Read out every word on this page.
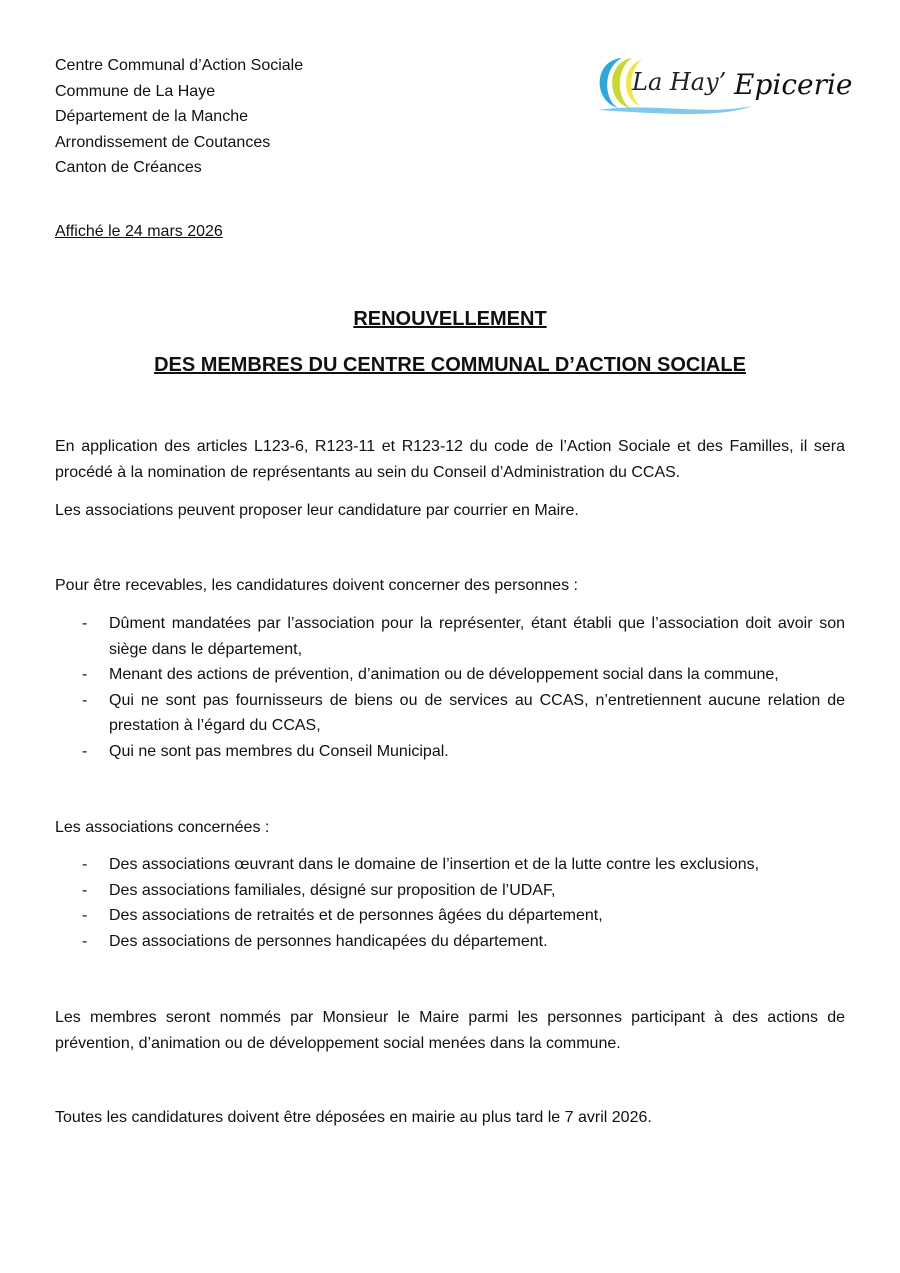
Centre Communal d’Action Sociale
Commune de La Haye
Département de la Manche
Arrondissement de Coutances
Canton de Créances
La Hay’ Epicerie
Affiché le 24 mars 2026
RENOUVELLEMENT
DES MEMBRES DU CENTRE COMMUNAL D’ACTION SOCIALE

En application des articles L123-6, R123-11 et R123-12 du code de l’Action Sociale et des Familles, il sera procédé à la nomination de représentants au sein du Conseil d’Administration du CCAS.

Les associations peuvent proposer leur candidature par courrier en Maire.

Pour être recevables, les candidatures doivent concerner des personnes :

- Dûment mandatées par l’association pour la représenter, étant établi que l’association doit avoir son siège dans le département,
- Menant des actions de prévention, d’animation ou de développement social dans la commune,
- Qui ne sont pas fournisseurs de biens ou de services au CCAS, n’entretiennent aucune relation de prestation à l’égard du CCAS,
- Qui ne sont pas membres du Conseil Municipal.

Les associations concernées :

- Des associations œuvrant dans le domaine de l’insertion et de la lutte contre les exclusions,
- Des associations familiales, désigné sur proposition de l’UDAF,
- Des associations de retraités et de personnes âgées du département,
- Des associations de personnes handicapées du département.

Les membres seront nommés par Monsieur le Maire parmi les personnes participant à des actions de prévention, d’animation ou de développement social menées dans la commune.

Toutes les candidatures doivent être déposées en mairie au plus tard le 7 avril 2026.
